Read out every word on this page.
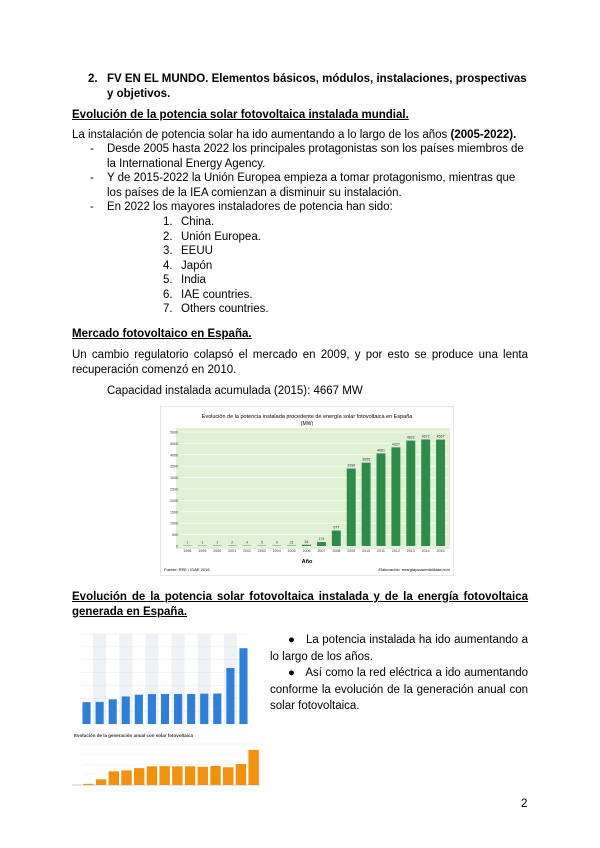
2. FV EN EL MUNDO. Elementos básicos, módulos, instalaciones, prospectivas y objetivos.
Evolución de la potencia solar fotovoltaica instalada mundial.
La instalación de potencia solar ha ido aumentando a lo largo de los años (2005-2022).
- Desde 2005 hasta 2022 los principales protagonistas son los países miembros de la International Energy Agency.
- Y de 2015-2022 la Unión Europea empieza a tomar protagonismo, mientras que los países de la IEA comienzan a disminuir su instalación.
- En 2022 los mayores instaladores de potencia han sido:
1. China.
2. Unión Europea.
3. EEUU
4. Japón
5. India
6. IAE countries.
7. Others countries.
Mercado fotovoltaico en España.
Un cambio regulatorio colapsó el mercado en 2009, y por esto se produce una lenta recuperación comenzó en 2010.
Capacidad instalada acumulada (2015): 4667 MW
Evolución de la potencia instalada procedente de energía solar fotovoltaica en España
(MW)
0
500
1000
1500
2000
2500
3000
3500
4000
4500
5000
1	1	1	2	4	5	9	21	54
174
677
3398
3655
4061
4327
4622 4672 4667
1998 1999 2000 2001 2002 2003 2004 2005 2006 2007 2008 2009 2010 2011 2012 2013 2014 2015
Año
Fuente: REE / IDAE 2016	Elaboración: energiaysostenibilidad.com
Evolución de la potencia solar fotovoltaica instalada y de la energía fotovoltaica generada en España.
Evolución de la generación anual con solar fotovoltaica
●   La potencia instalada ha ido aumentando a lo largo de los años.
●   Así como la red eléctrica a ido aumentando conforme la evolución de la generación anual con solar fotovoltaica.
2
